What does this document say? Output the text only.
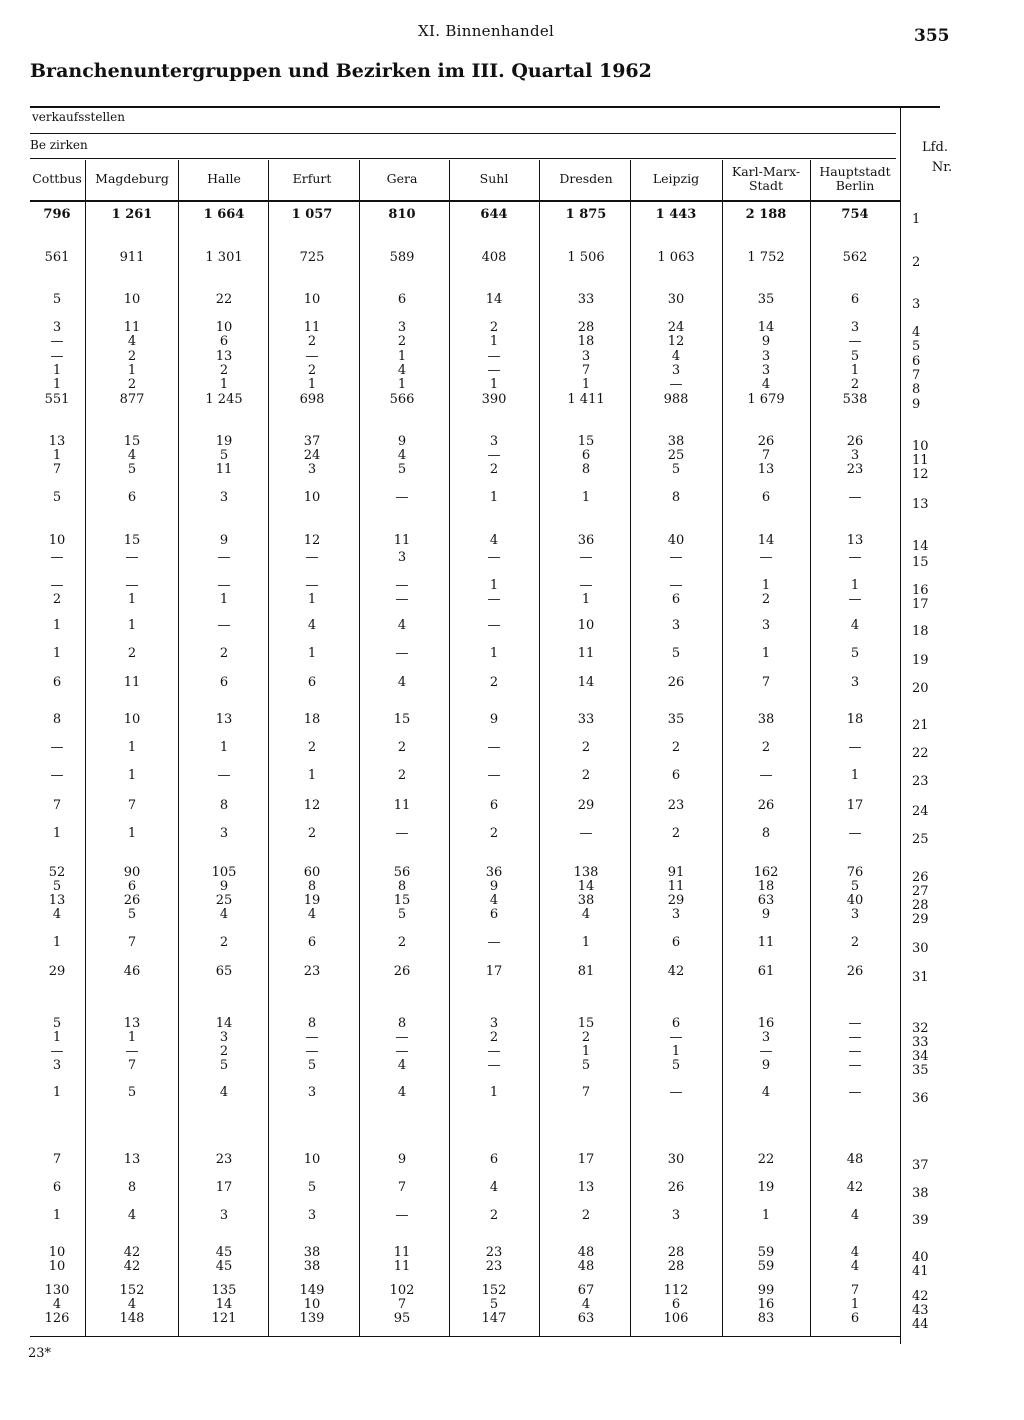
XI. Binnenhandel	355
Branchenuntergruppen und Bezirken im III. Quartal 1962
verkaufsstellen
Be zirken
Cottbus	Magdeburg	Halle	Erfurt	Gera	Suhl	Dresden	Leipzig	Karl-Marx-
Stadt
Hauptstadt
Berlin
Lfd.
Nr.
796	1 261	1 664	1 057	810	644	1 875	1 443	2 188	754	1
561	911	1 301	725	589	408	1 506	1 063	1 752	562	2
5	10	22	10	6	14	33	30	35	6	3
3	11	10	11	3	2	28	24	14	3	4
—	4	6	2	2	1	18	12	9	—	5
—	2	13	—	1	—	3	4	3	5	6
1	1	2	2	4	—	7	3	3	1	7
1	2	1	1	1	1	1	—	4	2	8
551	877	1 245	698	566	390	1 411	988	1 679	538	9
13	15	19	37	9	3	15	38	26	26	10
1	4	5	24	4	—	6	25	7	3	11
7	5	11	3	5	2	8	5	13	23	12
5	6	3	10	—	1	1	8	6	—	13
10	15	9	12	11	4	36	40	14	13	14
—	—	—	—	3	—	—	—	—	—	15
—	—	—	—	—	1	—	—	1	1	16
2	1	1	1	—	—	1	6	2	—	17
1	1	—	4	4	—	10	3	3	4	18
1	2	2	1	—	1	11	5	1	5	19
6	11	6	6	4	2	14	26	7	3	20
8	10	13	18	15	9	33	35	38	18	21
—	1	1	2	2	—	2	2	2	—	22
—	1	—	1	2	—	2	6	—	1	23
7	7	8	12	11	6	29	23	26	17	24
1	1	3	2	—	2	—	2	8	—	25
52	90	105	60	56	36	138	91	162	76	26
5	6	9	8	8	9	14	11	18	5	27
13	26	25	19	15	4	38	29	63	40	28
4	5	4	4	5	6	4	3	9	3	29
1	7	2	6	2	—	1	6	11	2	30
29	46	65	23	26	17	81	42	61	26	31
5	13	14	8	8	3	15	6	16	—	32
1	1	3	—	—	2	2	—	3	—	33
—	—	2	—	—	—	1	1	—	—	34
3	7	5	5	4	—	5	5	9	—	35
1	5	4	3	4	1	7	—	4	—	36
7	13	23	10	9	6	17	30	22	48	37
6	8	17	5	7	4	13	26	19	42	38
1	4	3	3	—	2	2	3	1	4	39
10	42	45	38	11	23	48	28	59	4	40
10	42	45	38	11	23	48	28	59	4	41
130	152	135	149	102	152	67	112	99	7	42
4	4	14	10	7	5	4	6	16	1	43
126	148	121	139	95	147	63	106	83	6	44
23*
